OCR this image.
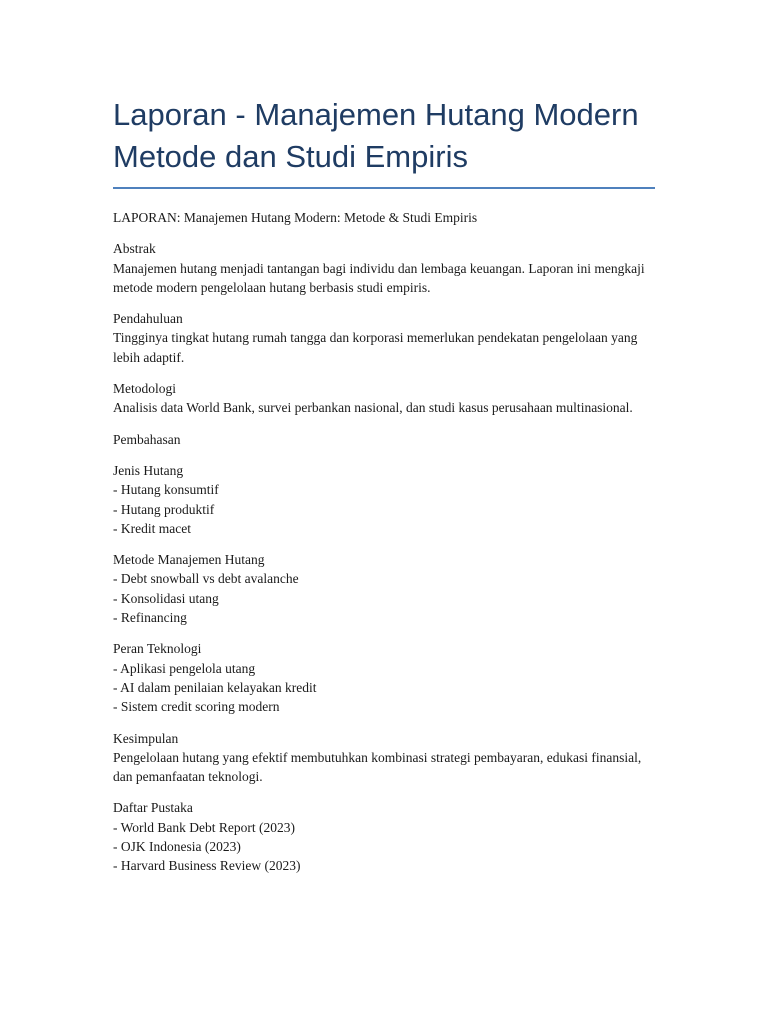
Laporan - Manajemen Hutang Modern
Metode dan Studi Empiris

LAPORAN: Manajemen Hutang Modern: Metode & Studi Empiris

Abstrak
Manajemen hutang menjadi tantangan bagi individu dan lembaga keuangan. Laporan ini mengkaji metode modern pengelolaan hutang berbasis studi empiris.
Pendahuluan
Tingginya tingkat hutang rumah tangga dan korporasi memerlukan pendekatan pengelolaan yang lebih adaptif.
Metodologi
Analisis data World Bank, survei perbankan nasional, dan studi kasus perusahaan multinasional.
Pembahasan
Jenis Hutang
- Hutang konsumtif
- Hutang produktif
- Kredit macet
Metode Manajemen Hutang
- Debt snowball vs debt avalanche
- Konsolidasi utang
- Refinancing
Peran Teknologi
- Aplikasi pengelola utang
- AI dalam penilaian kelayakan kredit
- Sistem credit scoring modern
Kesimpulan
Pengelolaan hutang yang efektif membutuhkan kombinasi strategi pembayaran, edukasi finansial, dan pemanfaatan teknologi.
Daftar Pustaka
- World Bank Debt Report (2023)
- OJK Indonesia (2023)
- Harvard Business Review (2023)
